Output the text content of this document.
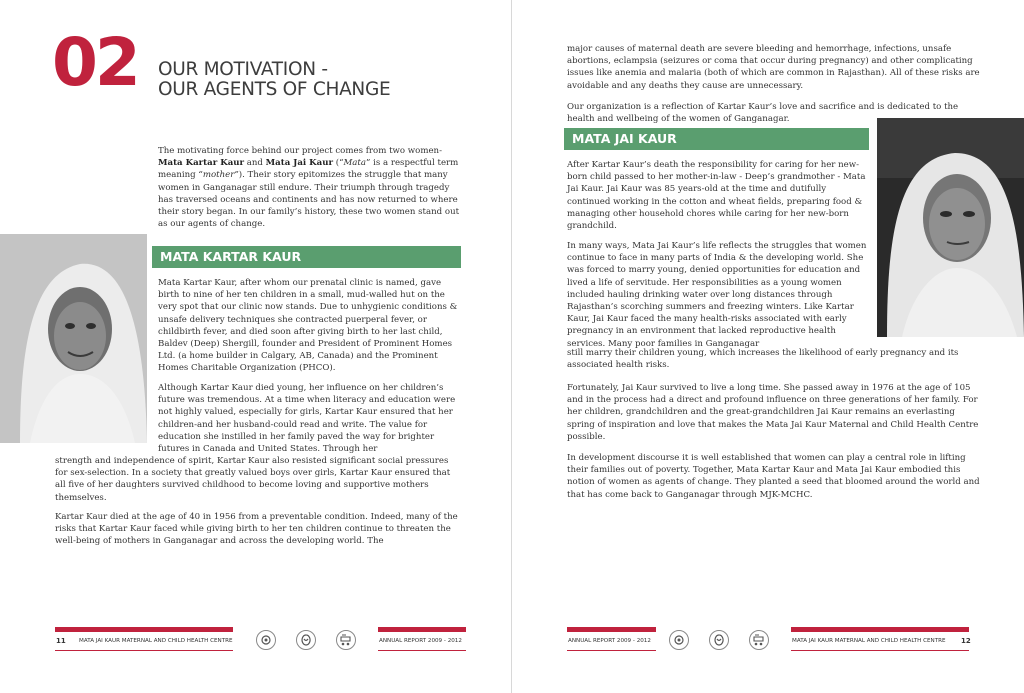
02 OUR MOTIVATION -
OUR AGENTS OF CHANGE

The motivating force behind our project comes from two women-Mata Kartar Kaur and Mata Jai Kaur (“Mata” is a respectful term meaning “mother”). Their story epitomizes the struggle that many women in Ganganagar still endure. Their triumph through tragedy has traversed oceans and continents and has now returned to where their story began. In our family’s history, these two women stand out as our agents of change.

MATA KARTAR KAUR

Mata Kartar Kaur, after whom our prenatal clinic is named, gave birth to nine of her ten children in a small, mud-walled hut on the very spot that our clinic now stands. Due to unhygienic conditions & unsafe delivery techniques she contracted puerperal fever, or childbirth fever, and died soon after giving birth to her last child, Baldev (Deep) Shergill, founder and President of Prominent Homes Ltd. (a home builder in Calgary, AB, Canada) and the Prominent Homes Charitable Organization (PHCO).

Although Kartar Kaur died young, her influence on her children’s future was tremendous. At a time when literacy and education were not highly valued, especially for girls, Kartar Kaur ensured that her children-and her husband-could read and write. The value for education she instilled in her family paved the way for brighter futures in Canada and United States. Through her

strength and independence of spirit, Kartar Kaur also resisted significant social pressures for sex-selection. In a society that greatly valued boys over girls, Kartar Kaur ensured that all five of her daughters survived childhood to become loving and supportive mothers themselves.

Kartar Kaur died at the age of 40 in 1956 from a preventable condition. Indeed, many of the risks that Kartar Kaur faced while giving birth to her ten children continue to threaten the well-being of mothers in Ganganagar and across the developing world. The

11 MATA JAI KAUR MATERNAL AND CHILD HEALTH CENTRE	ANNUAL REPORT 2009 - 2012

major causes of maternal death are severe bleeding and hemorrhage, infections, unsafe abortions, eclampsia (seizures or coma that occur during pregnancy) and other complicating issues like anemia and malaria (both of which are common in Rajasthan). All of these risks are avoidable and any deaths they cause are unnecessary.

Our organization is a reflection of Kartar Kaur’s love and sacrifice and is dedicated to the health and wellbeing of the women of Ganganagar.

MATA JAI KAUR

After Kartar Kaur’s death the responsibility for caring for her new-born child passed to her mother-in-law - Deep’s grandmother - Mata Jai Kaur. Jai Kaur was 85 years-old at the time and dutifully continued working in the cotton and wheat fields, preparing food & managing other household chores while caring for her new-born grandchild.

In many ways, Mata Jai Kaur’s life reflects the struggles that women continue to face in many parts of India & the developing world. She was forced to marry young, denied opportunities for education and lived a life of servitude. Her responsibilities as a young women included hauling drinking water over long distances through Rajasthan’s scorching summers and freezing winters. Like Kartar Kaur, Jai Kaur faced the many health-risks associated with early pregnancy in an environment that lacked reproductive health services. Many poor families in Ganganagar

still marry their children young, which increases the likelihood of early pregnancy and its associated health risks.

Fortunately, Jai Kaur survived to live a long time. She passed away in 1976 at the age of 105 and in the process had a direct and profound influence on three generations of her family. For her children, grandchildren and the great-grandchildren Jai Kaur remains an everlasting spring of inspiration and love that makes the Mata Jai Kaur Maternal and Child Health Centre possible.

In development discourse it is well established that women can play a central role in lifting their families out of poverty. Together, Mata Kartar Kaur and Mata Jai Kaur embodied this notion of women as agents of change. They planted a seed that bloomed around the world and that has come back to Ganganagar through MJK-MCHC.

ANNUAL REPORT 2009 - 2012	MATA JAI KAUR MATERNAL AND CHILD HEALTH CENTRE 12
